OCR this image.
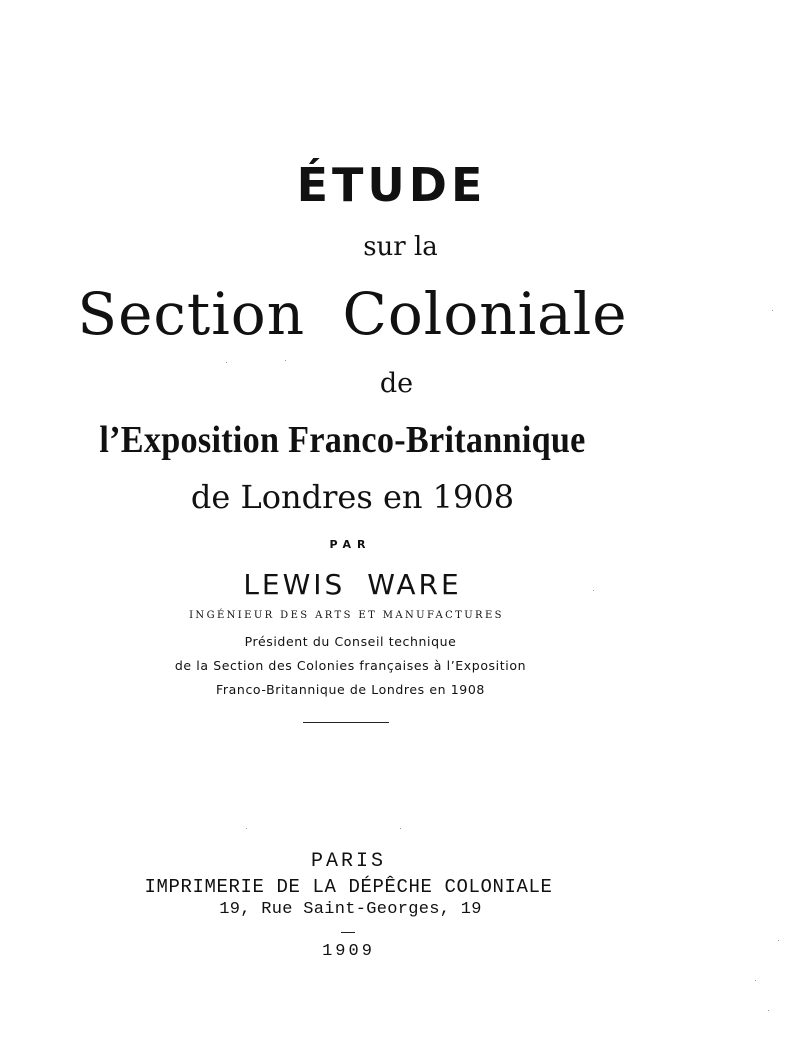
ÉTUDE
sur la
Section Coloniale
de
l’Exposition Franco-Britannique
de Londres en 1908
PAR
LEWIS WARE
INGÉNIEUR DES ARTS ET MANUFACTURES
Président du Conseil technique
de la Section des Colonies françaises à l’Exposition
Franco-Britannique de Londres en 1908
PARIS
IMPRIMERIE DE LA DÉPÊCHE COLONIALE
19, Rue Saint-Georges, 19
1909
